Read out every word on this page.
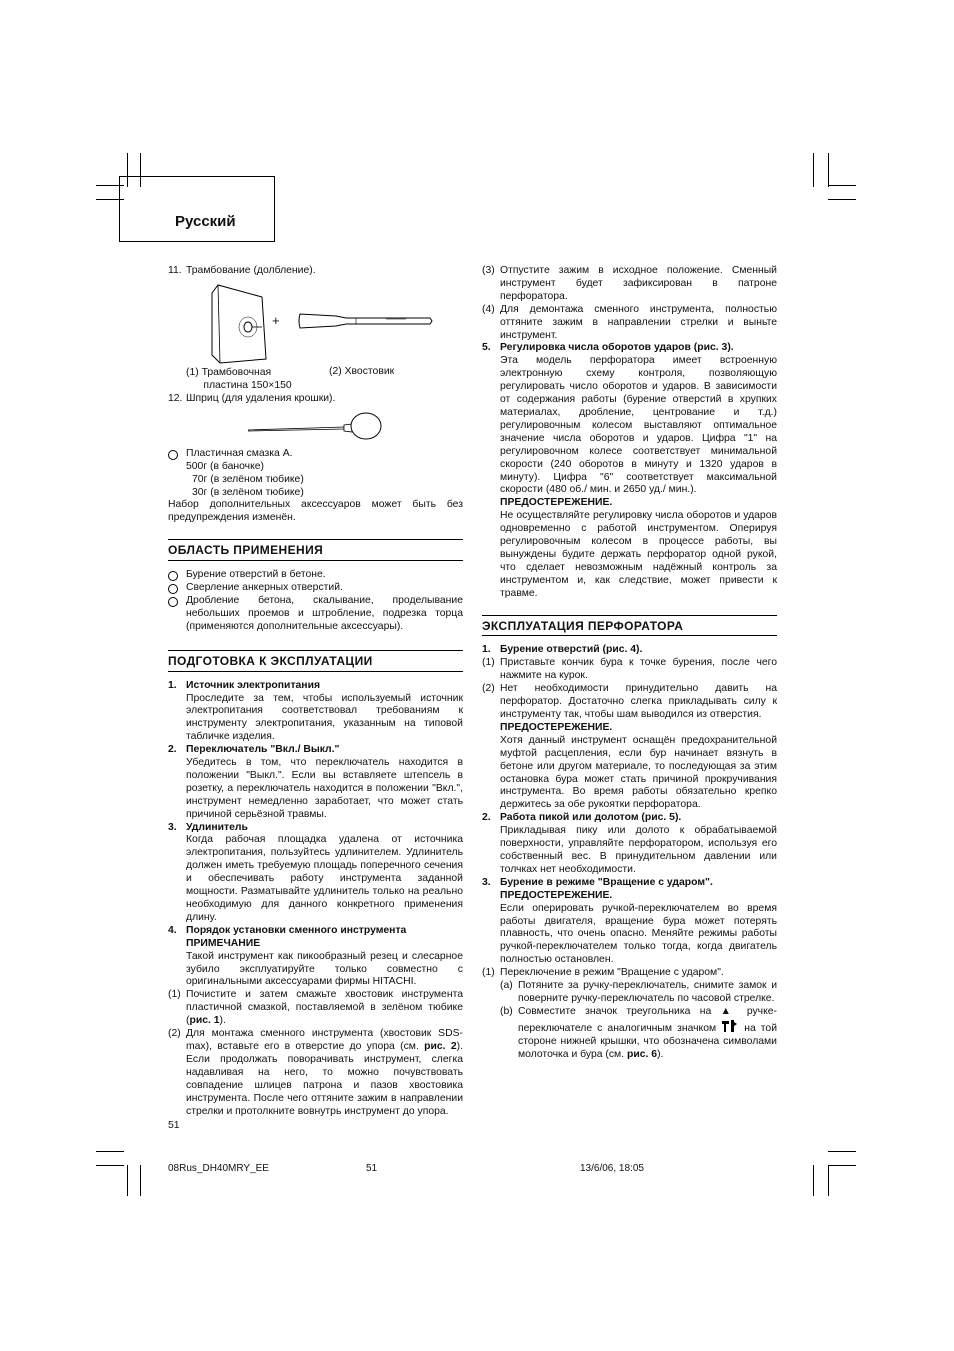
Русский
11. Трамбование (долбление).
+
(1) Трамбовочная
пластина 150×150
(2) Хвостовик
12. Шприц (для удаления крошки).

Пластичная смазка А.

500г (в баночке)

70г (в зелёном тюбике)

30г (в зелёном тюбике)

Набор дополнительных аксессуаров может быть без предупреждения изменён.

ОБЛАСТЬ ПРИМЕНЕНИЯ

Бурение отверстий в бетоне.

Сверление анкерных отверстий.

Дробление бетона, скалывание, проделывание небольших проемов и штробление, подрезка торца (применяются дополнительные аксессуары).

ПОДГОТОВКА К ЭКСПЛУАТАЦИИ
1. Источник электропитания

Проследите за тем, чтобы используемый источник электропитания соответствовал требованиям к инструменту электропитания, указанным на типовой табличке изделия.

2. Переключатель "Вкл./ Выкл."

Убедитесь в том, что переключатель находится в положении "Выкл.". Если вы вставляете штепсель в розетку, а переключатель находится в положении "Вкл.", инструмент немедленно заработает, что может стать причиной серьёзной травмы.

3. Удлинитель

Когда рабочая площадка удалена от источника электропитания, пользуйтесь удлинителем. Удлинитель должен иметь требуемую площадь поперечного сечения и обеспечивать работу инструмента заданной мощности. Разматывайте удлинитель только на реально необходимую для данного конкретного применения длину.

4. Порядок установки сменного инструмента

ПРИМЕЧАНИЕ

Такой инструмент как пикообразный резец и слесарное зубило эксплуатируйте только совместно с оригинальными аксессуарами фирмы HITACHI.

(1) Почистите и затем смажьте хвостовик инструмента пластичной смазкой, поставляемой в зелёном тюбике (рис. 1).
(2) Для монтажа сменного инструмента (хвостовик SDS-max), вставьте его в отверстие до упора (см. рис. 2). Если продолжать поворачивать инструмент, слегка надавливая на него, то можно почувствовать совпадение шлицев патрона и пазов хвостовика инструмента. После чего оттяните зажим в направлении стрелки и протолкните вовнутрь инструмент до упора.
(3) Отпустите зажим в исходное положение. Сменный инструмент будет зафиксирован в патроне перфоратора.
(4) Для демонтажа сменного инструмента, полностью оттяните зажим в направлении стрелки и выньте инструмент.
5. Регулировка числа оборотов ударов (рис. 3).

Эта модель перфоратора имеет встроенную электронную схему контроля, позволяющую регулировать число оборотов и ударов. В зависимости от содержания работы (бурение отверстий в хрупких материалах, дробление, центрование и т.д.) регулировочным колесом выставляют оптимальное значение числа оборотов и ударов. Цифра "1" на регулировочном колесе соответствует минимальной скорости (240 оборотов в минуту и 1320 ударов в минуту). Цифра "6" соответствует максимальной скорости (480 об./ мин. и 2650 уд./ мин.).

ПРЕДОСТЕРЕЖЕНИЕ.

Не осуществляйте регулировку числа оборотов и ударов одновременно с работой инструментом. Оперируя регулировочным колесом в процессе работы, вы вынуждены будите держать перфоратор одной рукой, что сделает невозможным надёжный контроль за инструментом и, как следствие, может привести к травме.

ЭКСПЛУАТАЦИЯ ПЕРФОРАТОРА
1. Бурение отверстий (рис. 4).

(1) Приставьте кончик бура к точке бурения, после чего нажмите на курок.
(2) Нет необходимости принудительно давить на перфоратор. Достаточно слегка прикладывать силу к инструменту так, чтобы шам выводился из отверстия.

ПРЕДОСТЕРЕЖЕНИЕ.

Хотя данный инструмент оснащён предохранительной муфтой расцепления, если бур начинает вязнуть в бетоне или другом материале, то последующая за этим остановка бура может стать причиной прокручивания инструмента. Во время работы обязательно крепко держитесь за обе рукоятки перфоратора.

2. Работа пикой или долотом (рис. 5).

Прикладывая пику или долото к обрабатываемой поверхности, управляйте перфоратором, используя его собственный вес. В принудительном давлении или толчках нет необходимости.

3. Бурение в режиме "Вращение с ударом".

ПРЕДОСТЕРЕЖЕНИЕ.

Если оперировать ручкой-переключателем во время работы двигателя, вращение бура может потерять плавность, что очень опасно. Меняйте режимы работы ручкой-переключателем только тогда, когда двигатель полностью остановлен.

(1) Переключение в режим "Вращение с ударом".
(a) Потяните за ручку-переключатель, снимите замок и поверните ручку-переключатель по часовой стрелке.
(b) Совместите значок треугольника на ▲ ручке-переключателе с аналогичным значком	на той стороне нижней крышки, что обозначена символами молоточка и бура (см. рис. 6).
51
08Rus_DH40MRY_EE	51	13/6/06, 18:05
